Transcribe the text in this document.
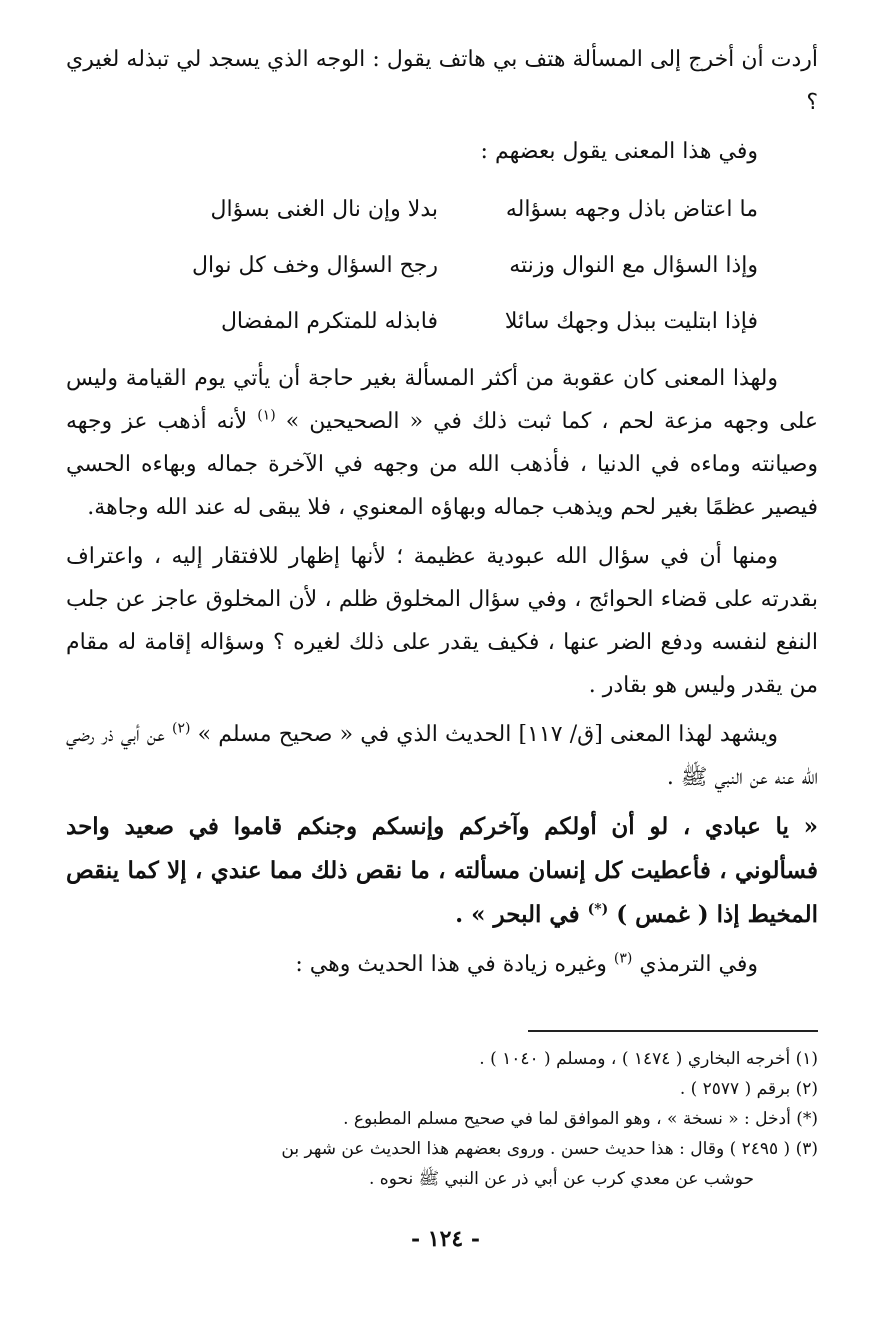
أردت أن أخرج إلى المسألة هتف بي هاتف يقول : الوجه الذي يسجد لي تبذله لغيري ؟

وفي هذا المعنى يقول بعضهم :

ما اعتاض باذل وجهه بسؤاله
بدلا وإن نال الغنى بسؤال
وإذا السؤال مع النوال وزنته
رجح السؤال وخف كل نوال
فإذا ابتليت ببذل وجهك سائلا
فابذله للمتكرم المفضال

ولهذا المعنى كان عقوبة من أكثر المسألة بغير حاجة أن يأتي يوم القيامة وليس على وجهه مزعة لحم ، كما ثبت ذلك في « الصحيحين » $^{(١)}$ لأنه أذهب عز وجهه وصيانته وماءه في الدنيا ، فأذهب الله من وجهه في الآخرة جماله وبهاءه الحسي فيصير عظمًا بغير لحم ويذهب جماله وبهاؤه المعنوي ، فلا يبقى له عند الله وجاهة.

ومنها أن في سؤال الله عبودية عظيمة ؛ لأنها إظهار للافتقار إليه ، واعتراف بقدرته على قضاء الحوائج ، وفي سؤال المخلوق ظلم ، لأن المخلوق عاجز عن جلب النفع لنفسه ودفع الضر عنها ، فكيف يقدر على ذلك لغيره ؟ وسؤاله إقامة له مقام من يقدر وليس هو بقادر .

ويشهد لهذا المعنى [ق/ ١١٧] الحديث الذي في « صحيح مسلم » $^{(٢)}$ عن أبي ذر رضي الله عنه عن النبي ﷺ .

« يا عبادي ، لو أن أولكم وآخركم وإنسكم وجنكم قاموا في صعيد واحد فسألوني ، فأعطيت كل إنسان مسألته ، ما نقص ذلك مما عندي ، إلا كما ينقص المخيط إذا ( غمس ) (*) في البحر » .

وفي الترمذي $^{(٣)}$ وغيره زيادة في هذا الحديث وهي :

(١) أخرجه البخاري ( ١٤٧٤ ) ، ومسلم ( ١٠٤٠ ) .

(٢) برقم ( ٢٥٧٧ ) .

(*) أدخل : « نسخة » ، وهو الموافق لما في صحيح مسلم المطبوع .

(٣) ( ٢٤٩٥ ) وقال : هذا حديث حسن . وروى بعضهم هذا الحديث عن شهر بن

حوشب عن معدي كرب عن أبي ذر عن النبي ﷺ نحوه .

- ١٢٤ -
